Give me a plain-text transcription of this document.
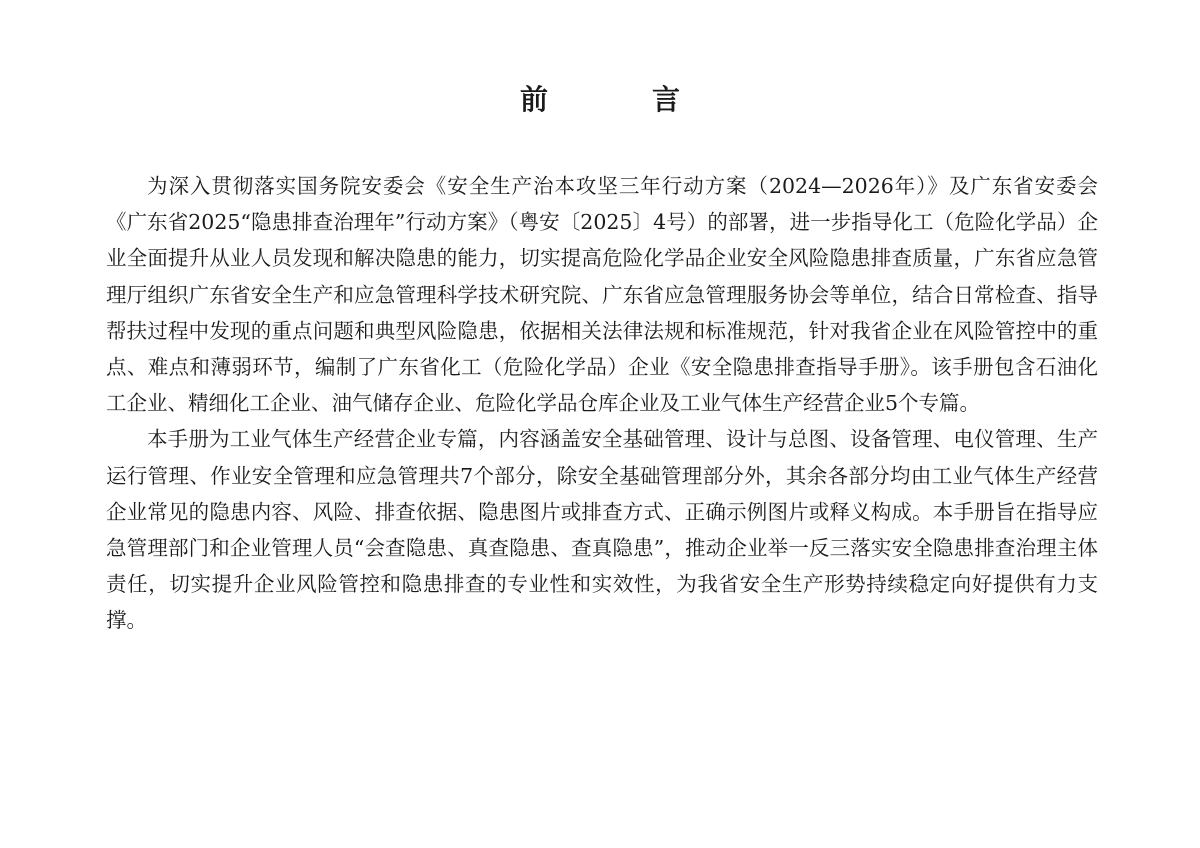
前　言

为深入贯彻落实国务院安委会《安全生产治本攻坚三年行动方案（2024—2026年）》及广东省安委会《广东省2025“隐患排查治理年”行动方案》（粤安〔2025〕4号）的部署，进一步指导化工（危险化学品）企业全面提升从业人员发现和解决隐患的能力，切实提高危险化学品企业安全风险隐患排查质量，广东省应急管理厅组织广东省安全生产和应急管理科学技术研究院、广东省应急管理服务协会等单位，结合日常检查、指导帮扶过程中发现的重点问题和典型风险隐患，依据相关法律法规和标准规范，针对我省企业在风险管控中的重点、难点和薄弱环节，编制了广东省化工（危险化学品）企业《安全隐患排查指导手册》。该手册包含石油化工企业、精细化工企业、油气储存企业、危险化学品仓库企业及工业气体生产经营企业5个专篇。

本手册为工业气体生产经营企业专篇，内容涵盖安全基础管理、设计与总图、设备管理、电仪管理、生产运行管理、作业安全管理和应急管理共7个部分，除安全基础管理部分外，其余各部分均由工业气体生产经营企业常见的隐患内容、风险、排查依据、隐患图片或排查方式、正确示例图片或释义构成。本手册旨在指导应急管理部门和企业管理人员“会查隐患、真查隐患、查真隐患”，推动企业举一反三落实安全隐患排查治理主体责任，切实提升企业风险管控和隐患排查的专业性和实效性，为我省安全生产形势持续稳定向好提供有力支撑。
